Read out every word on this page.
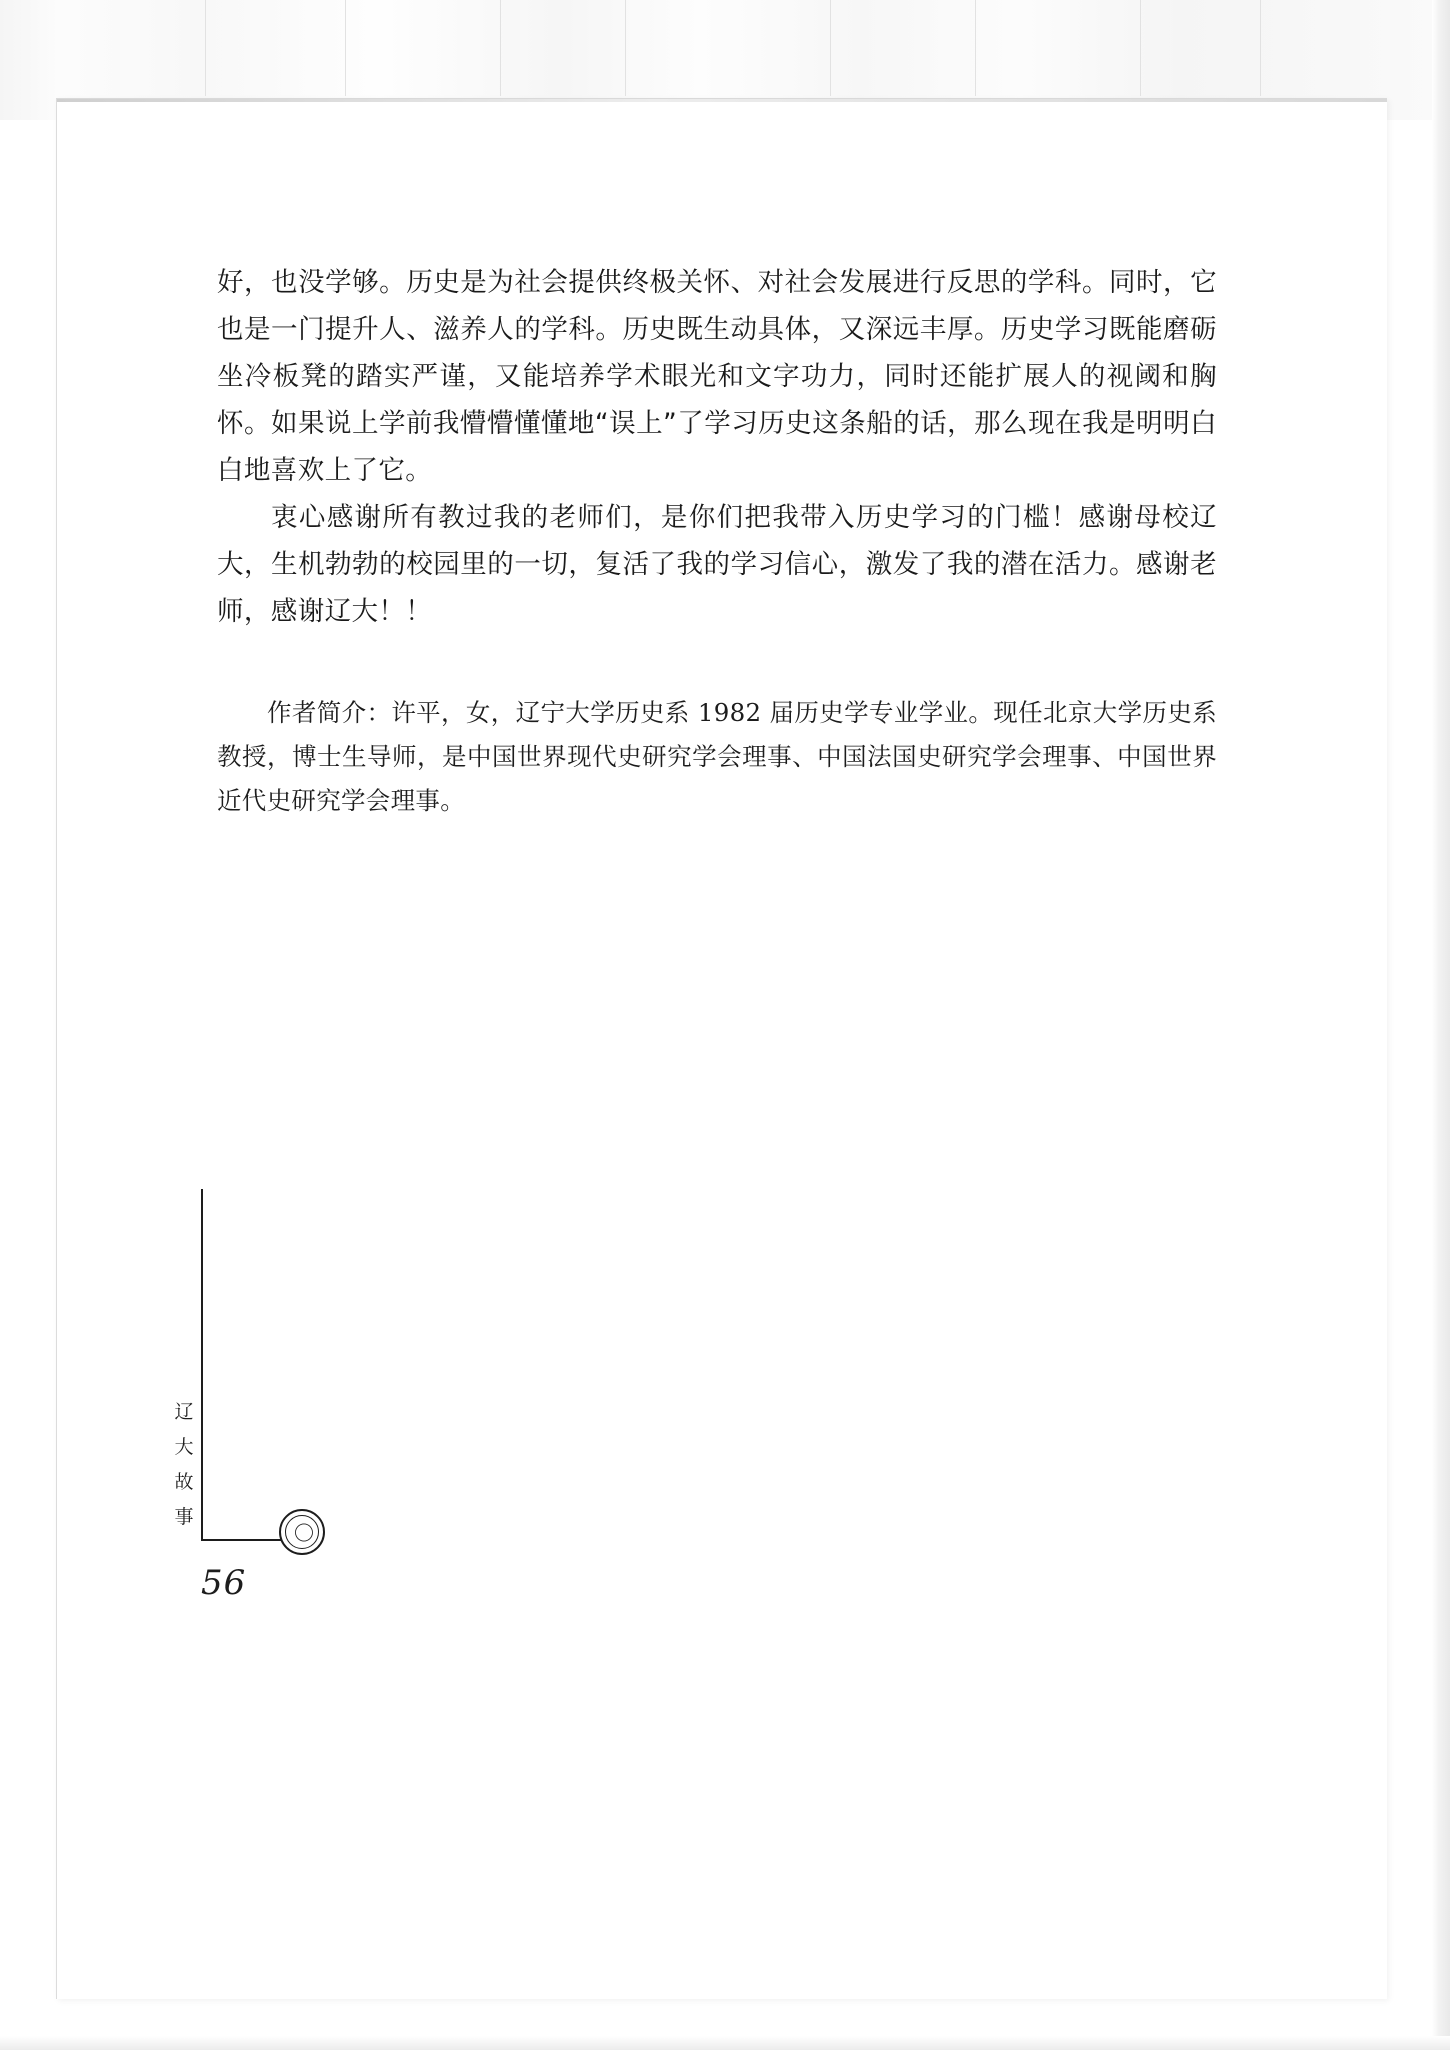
好，也没学够。历史是为社会提供终极关怀、对社会发展进行反思的学科。同时，它也是一门提升人、滋养人的学科。历史既生动具体，又深远丰厚。历史学习既能磨砺坐冷板凳的踏实严谨，又能培养学术眼光和文字功力，同时还能扩展人的视阈和胸怀。如果说上学前我懵懵懂懂地“误上”了学习历史这条船的话，那么现在我是明明白白地喜欢上了它。

衷心感谢所有教过我的老师们，是你们把我带入历史学习的门槛！感谢母校辽大，生机勃勃的校园里的一切，复活了我的学习信心，激发了我的潜在活力。感谢老师，感谢辽大！！

作者简介：许平，女，辽宁大学历史系 1982 届历史学专业学业。现任北京大学历史系教授，博士生导师，是中国世界现代史研究学会理事、中国法国史研究学会理事、中国世界近代史研究学会理事。
辽
大
故
事
〇
56
